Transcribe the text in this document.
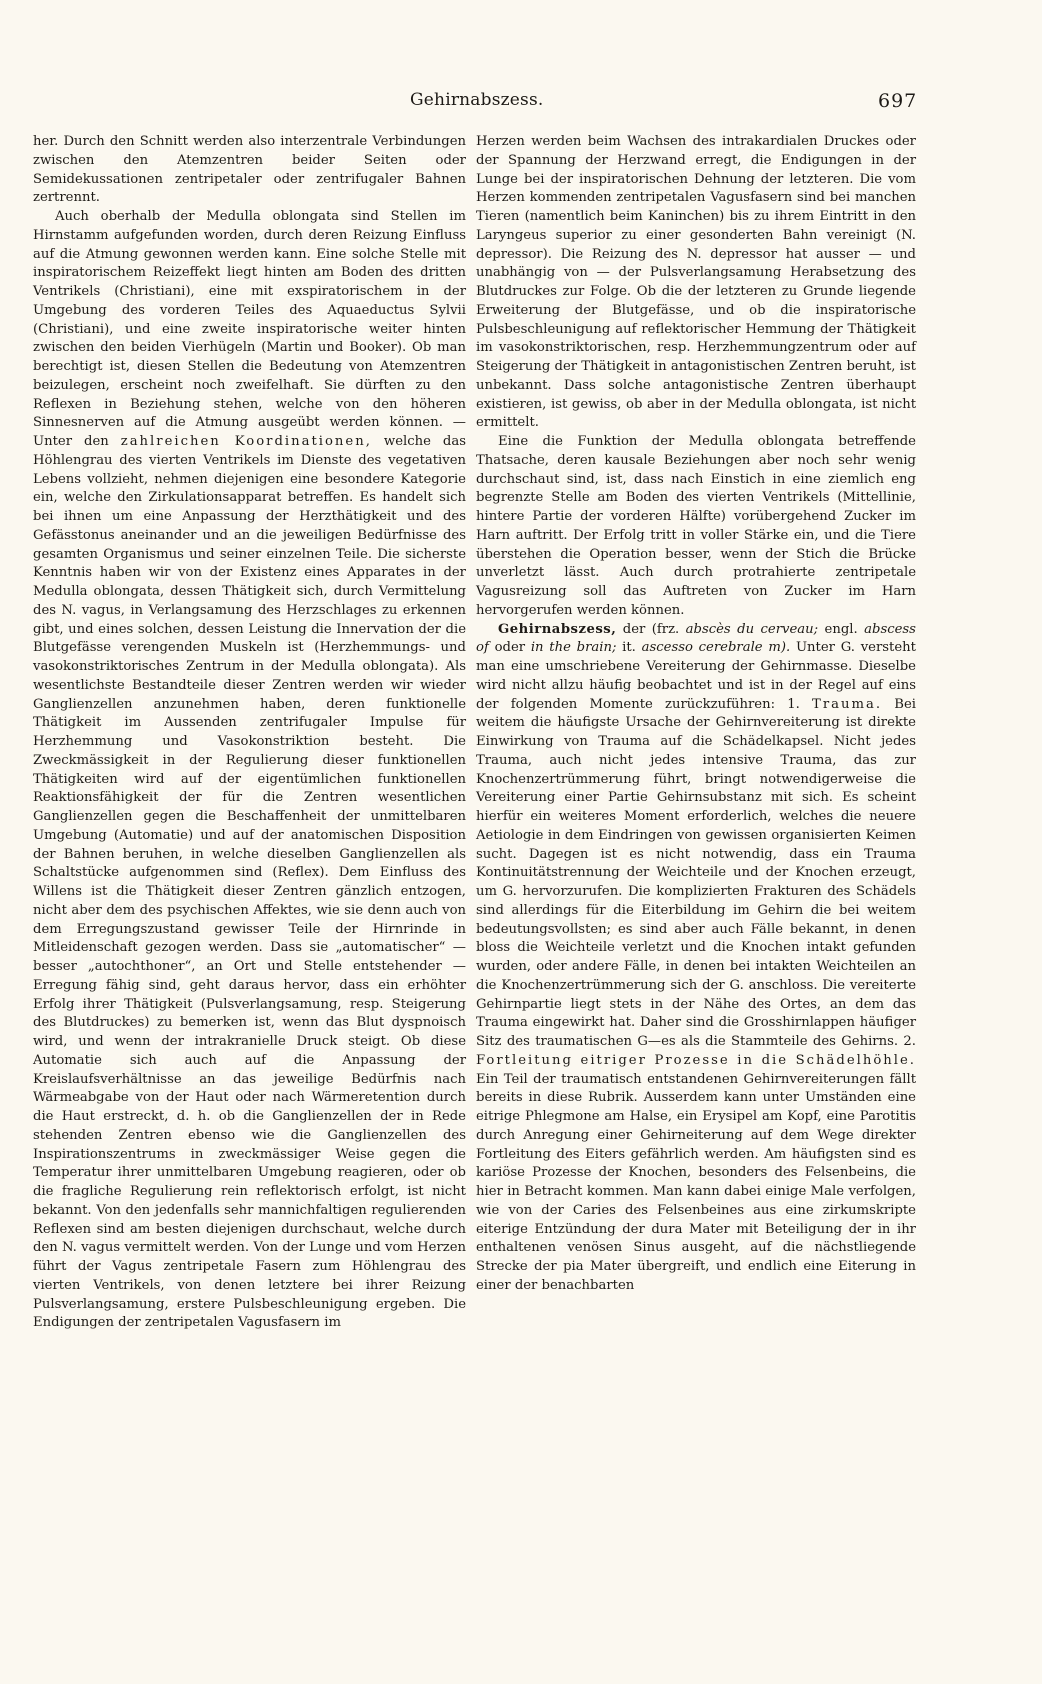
Gehirnabszess.	697

her. Durch den Schnitt werden also interzentrale Verbindungen zwischen den Atemzentren beider Seiten oder Semidekussationen zentripetaler oder zentrifugaler Bahnen zertrennt.

Auch oberhalb der Medulla oblongata sind Stellen im Hirnstamm aufgefunden worden, durch deren Reizung Einfluss auf die Atmung gewonnen werden kann. Eine solche Stelle mit inspiratorischem Reizeffekt liegt hinten am Boden des dritten Ventrikels (Christiani), eine mit exspiratorischem in der Umgebung des vorderen Teiles des Aquaeductus Sylvii (Christiani), und eine zweite inspiratorische weiter hinten zwischen den beiden Vierhügeln (Martin und Booker). Ob man berechtigt ist, diesen Stellen die Bedeutung von Atemzentren beizulegen, erscheint noch zweifelhaft. Sie dürften zu den Reflexen in Beziehung stehen, welche von den höheren Sinnesnerven auf die Atmung ausgeübt werden können. — Unter den zahlreichen Koordinationen, welche das Höhlengrau des vierten Ventrikels im Dienste des vegetativen Lebens vollzieht, nehmen diejenigen eine besondere Kategorie ein, welche den Zirkulationsapparat betreffen. Es handelt sich bei ihnen um eine Anpassung der Herzthätigkeit und des Gefässtonus aneinander und an die jeweiligen Bedürfnisse des gesamten Organismus und seiner einzelnen Teile. Die sicherste Kenntnis haben wir von der Existenz eines Apparates in der Medulla oblongata, dessen Thätigkeit sich, durch Vermittelung des N. vagus, in Verlangsamung des Herzschlages zu erkennen gibt, und eines solchen, dessen Leistung die Innervation der die Blutgefässe verengenden Muskeln ist (Herzhemmungs- und vasokonstriktorisches Zentrum in der Medulla oblongata). Als wesentlichste Bestandteile dieser Zentren werden wir wieder Ganglienzellen anzunehmen haben, deren funktionelle Thätigkeit im Aussenden zentrifugaler Impulse für Herzhemmung und Vasokonstriktion besteht. Die Zweckmässigkeit in der Regulierung dieser funktionellen Thätigkeiten wird auf der eigentümlichen funktionellen Reaktionsfähigkeit der für die Zentren wesentlichen Ganglienzellen gegen die Beschaffenheit der unmittelbaren Umgebung (Automatie) und auf der anatomischen Disposition der Bahnen beruhen, in welche dieselben Ganglienzellen als Schaltstücke aufgenommen sind (Reflex). Dem Einfluss des Willens ist die Thätigkeit dieser Zentren gänzlich entzogen, nicht aber dem des psychischen Affektes, wie sie denn auch von dem Erregungszustand gewisser Teile der Hirnrinde in Mitleidenschaft gezogen werden. Dass sie „automatischer“ — besser „autochthoner“, an Ort und Stelle entstehender — Erregung fähig sind, geht daraus hervor, dass ein erhöhter Erfolg ihrer Thätigkeit (Pulsverlangsamung, resp. Steigerung des Blutdruckes) zu bemerken ist, wenn das Blut dyspnoisch wird, und wenn der intrakranielle Druck steigt. Ob diese Automatie sich auch auf die Anpassung der Kreislaufsverhältnisse an das jeweilige Bedürfnis nach Wärmeabgabe von der Haut oder nach Wärmeretention durch die Haut erstreckt, d. h. ob die Ganglienzellen der in Rede stehenden Zentren ebenso wie die Ganglienzellen des Inspirationszentrums in zweckmässiger Weise gegen die Temperatur ihrer unmittelbaren Umgebung reagieren, oder ob die fragliche Regulierung rein reflektorisch erfolgt, ist nicht bekannt. Von den jedenfalls sehr mannichfaltigen regulierenden Reflexen sind am besten diejenigen durchschaut, welche durch den N. vagus vermittelt werden. Von der Lunge und vom Herzen führt der Vagus zentripetale Fasern zum Höhlengrau des vierten Ventrikels, von denen letztere bei ihrer Reizung Pulsverlangsamung, erstere Pulsbeschleunigung ergeben. Die Endigungen der zentripetalen Vagusfasern im

Herzen werden beim Wachsen des intrakardialen Druckes oder der Spannung der Herzwand erregt, die Endigungen in der Lunge bei der inspiratorischen Dehnung der letzteren. Die vom Herzen kommenden zentripetalen Vagusfasern sind bei manchen Tieren (namentlich beim Kaninchen) bis zu ihrem Eintritt in den Laryngeus superior zu einer gesonderten Bahn vereinigt (N. depressor). Die Reizung des N. depressor hat ausser — und unabhängig von — der Pulsverlangsamung Herabsetzung des Blutdruckes zur Folge. Ob die der letzteren zu Grunde liegende Erweiterung der Blutgefässe, und ob die inspiratorische Pulsbeschleunigung auf reflektorischer Hemmung der Thätigkeit im vasokonstriktorischen, resp. Herzhemmungzentrum oder auf Steigerung der Thätigkeit in antagonistischen Zentren beruht, ist unbekannt. Dass solche antagonistische Zentren überhaupt existieren, ist gewiss, ob aber in der Medulla oblongata, ist nicht ermittelt.

Eine die Funktion der Medulla oblongata betreffende Thatsache, deren kausale Beziehungen aber noch sehr wenig durchschaut sind, ist, dass nach Einstich in eine ziemlich eng begrenzte Stelle am Boden des vierten Ventrikels (Mittellinie, hintere Partie der vorderen Hälfte) vorübergehend Zucker im Harn auftritt. Der Erfolg tritt in voller Stärke ein, und die Tiere überstehen die Operation besser, wenn der Stich die Brücke unverletzt lässt. Auch durch protrahierte zentripetale Vagusreizung soll das Auftreten von Zucker im Harn hervorgerufen werden können.

Gehirnabszess, der (frz. abscès du cerveau; engl. abscess of oder in the brain; it. ascesso cerebrale m). Unter G. versteht man eine umschriebene Vereiterung der Gehirnmasse. Dieselbe wird nicht allzu häufig beobachtet und ist in der Regel auf eins der folgenden Momente zurückzuführen: 1. Trauma. Bei weitem die häufigste Ursache der Gehirnvereiterung ist direkte Einwirkung von Trauma auf die Schädelkapsel. Nicht jedes Trauma, auch nicht jedes intensive Trauma, das zur Knochenzertrümmerung führt, bringt notwendigerweise die Vereiterung einer Partie Gehirnsubstanz mit sich. Es scheint hierfür ein weiteres Moment erforderlich, welches die neuere Aetiologie in dem Eindringen von gewissen organisierten Keimen sucht. Dagegen ist es nicht notwendig, dass ein Trauma Kontinuitätstrennung der Weichteile und der Knochen erzeugt, um G. hervorzurufen. Die komplizierten Frakturen des Schädels sind allerdings für die Eiterbildung im Gehirn die bei weitem bedeutungsvollsten; es sind aber auch Fälle bekannt, in denen bloss die Weichteile verletzt und die Knochen intakt gefunden wurden, oder andere Fälle, in denen bei intakten Weichteilen an die Knochenzertrümmerung sich der G. anschloss. Die vereiterte Gehirnpartie liegt stets in der Nähe des Ortes, an dem das Trauma eingewirkt hat. Daher sind die Grosshirnlappen häufiger Sitz des traumatischen G—es als die Stammteile des Gehirns. 2. Fortleitung eitriger Prozesse in die Schädelhöhle. Ein Teil der traumatisch entstandenen Gehirnvereiterungen fällt bereits in diese Rubrik. Ausserdem kann unter Umständen eine eitrige Phlegmone am Halse, ein Erysipel am Kopf, eine Parotitis durch Anregung einer Gehirneiterung auf dem Wege direkter Fortleitung des Eiters gefährlich werden. Am häufigsten sind es kariöse Prozesse der Knochen, besonders des Felsenbeins, die hier in Betracht kommen. Man kann dabei einige Male verfolgen, wie von der Caries des Felsenbeines aus eine zirkumskripte eiterige Entzündung der dura Mater mit Beteiligung der in ihr enthaltenen venösen Sinus ausgeht, auf die nächstliegende Strecke der pia Mater übergreift, und endlich eine Eiterung in einer der benachbarten
